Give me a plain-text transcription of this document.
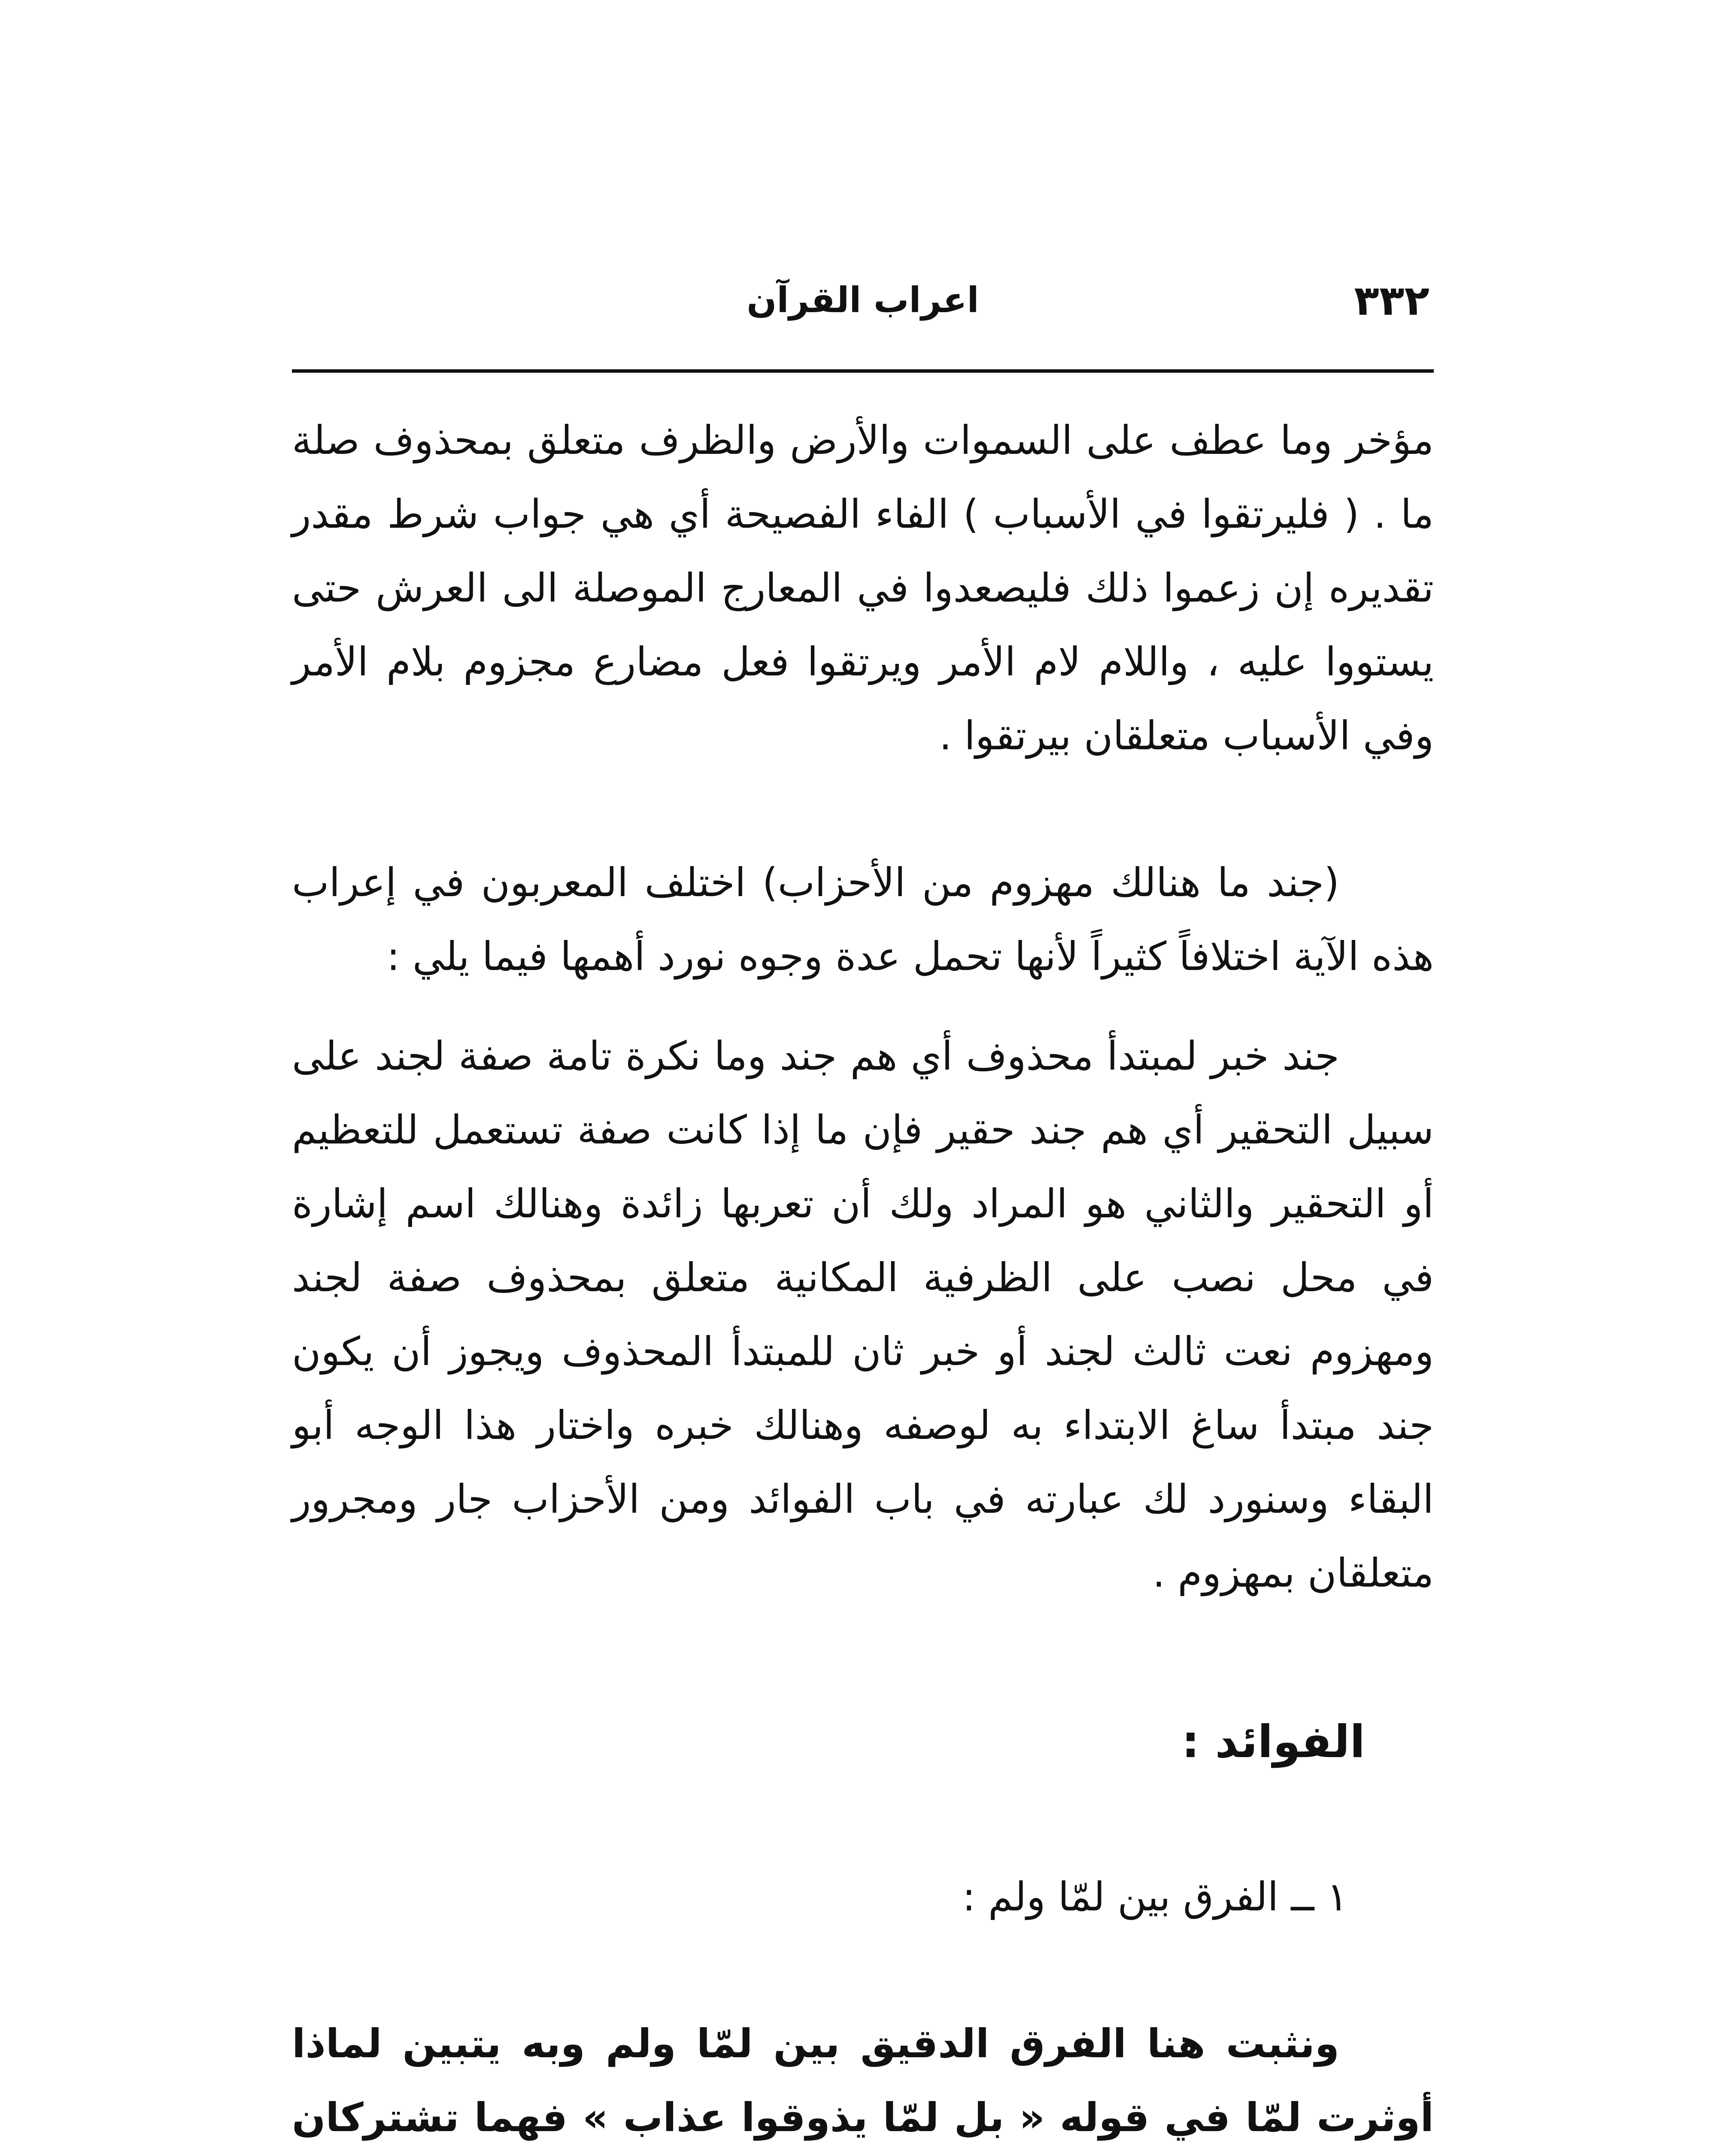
٣٣٢
اعراب القرآن

مؤخر وما عطف على السموات والأرض والظرف متعلق بمحذوف صلة ما . ( فليرتقوا في الأسباب ) الفاء الفصيحة أي هي جواب شرط مقدر تقديره إن زعموا ذلك فليصعدوا في المعارج الموصلة الى العرش حتى يستووا عليه ، واللام لام الأمر ويرتقوا فعل مضارع مجزوم بلام الأمر وفي الأسباب متعلقان بيرتقوا .

(جند ما هنالك مهزوم من الأحزاب) اختلف المعربون في إعراب هذه الآية اختلافاً كثيراً لأنها تحمل عدة وجوه نورد أهمها فيما يلي :

جند خبر لمبتدأ محذوف أي هم جند وما نكرة تامة صفة لجند على سبيل التحقير أي هم جند حقير فإن ما إذا كانت صفة تستعمل للتعظيم أو التحقير والثاني هو المراد ولك أن تعربها زائدة وهنالك اسم إشارة في محل نصب على الظرفية المكانية متعلق بمحذوف صفة لجند ومهزوم نعت ثالث لجند أو خبر ثان للمبتدأ المحذوف ويجوز أن يكون جند مبتدأ ساغ الابتداء به لوصفه وهنالك خبره واختار هذا الوجه أبو البقاء وسنورد لك عبارته في باب الفوائد ومن الأحزاب جار ومجرور متعلقان بمهزوم .

الفوائد :
١ ــ الفرق بين لمّا ولم :

ونثبت هنا الفرق الدقيق بين لمّا ولم وبه يتبين لماذا أوثرت لمّا في قوله « بل لمّا يذوقوا عذاب » فهما تشتركان
